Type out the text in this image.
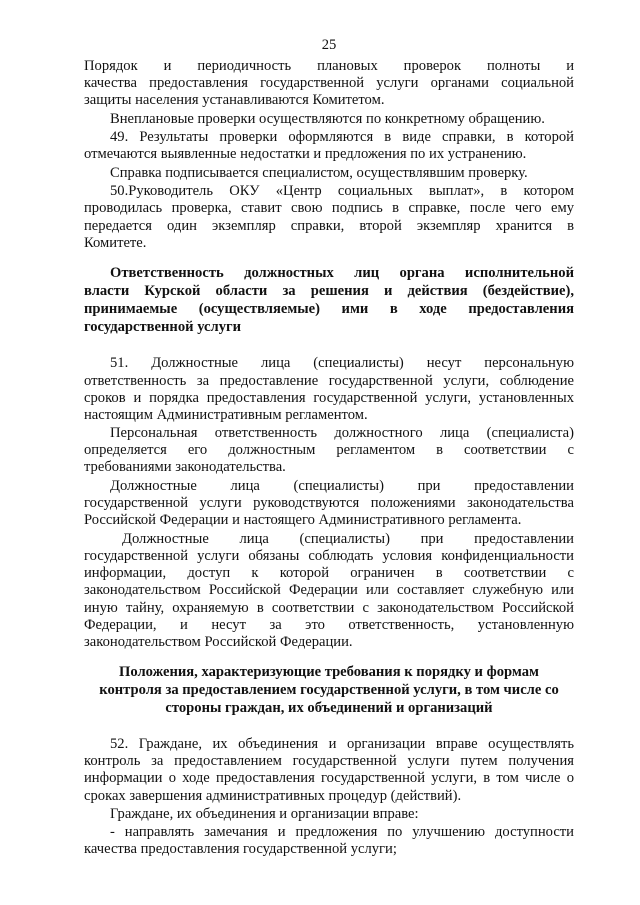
25
Порядок и периодичность плановых проверок полноты и
качества предоставления государственной услуги органами социальной
защиты населения устанавливаются Комитетом.
Внеплановые проверки осуществляются по конкретному обращению.
49. Результаты проверки оформляются в виде справки, в которой
отмечаются выявленные недостатки и предложения по их устранению.
Справка подписывается специалистом, осуществлявшим проверку.
50.Руководитель ОКУ «Центр социальных выплат», в котором
проводилась проверка, ставит свою подпись в справке, после чего ему
передается один экземпляр справки, второй экземпляр хранится в
Комитете.
Ответственность должностных лиц органа исполнительной
власти Курской области за решения и действия (бездействие),
принимаемые (осуществляемые) ими в ходе предоставления
государственной услуги
51. Должностные лица (специалисты) несут персональную
ответственность за предоставление государственной услуги, соблюдение
сроков и порядка предоставления государственной услуги, установленных
настоящим Административным регламентом.
Персональная ответственность должностного лица (специалиста)
определяется его должностным регламентом в соответствии с
требованиями законодательства.
Должностные лица (специалисты) при предоставлении
государственной услуги руководствуются положениями законодательства
Российской Федерации и настоящего Административного регламента.
Должностные лица (специалисты) при предоставлении
государственной услуги обязаны соблюдать условия конфиденциальности
информации, доступ к которой ограничен в соответствии с
законодательством Российской Федерации или составляет служебную или
иную тайну, охраняемую в соответствии с законодательством Российской
Федерации, и несут за это ответственность, установленную
законодательством Российской Федерации.
Положения, характеризующие требования к порядку и формам
контроля за предоставлением государственной услуги, в том числе со
стороны граждан, их объединений и организаций
52. Граждане, их объединения и организации вправе осуществлять
контроль за предоставлением государственной услуги путем получения
информации о ходе предоставления государственной услуги, в том числе о
сроках завершения административных процедур (действий).
Граждане, их объединения и организации вправе:
- направлять замечания и предложения по улучшению доступности
качества предоставления государственной услуги;
